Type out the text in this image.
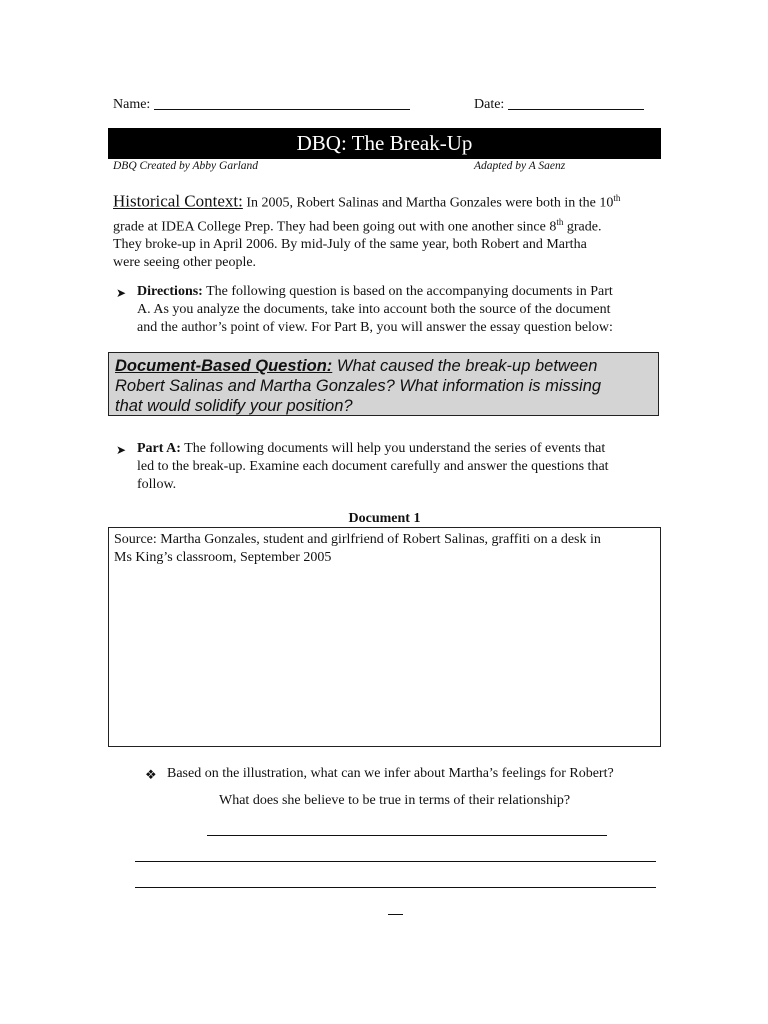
Name:	Date:
DBQ: The Break-Up
DBQ Created by Abby Garland	Adapted by A Saenz
Historical Context: In 2005, Robert Salinas and Martha Gonzales were both in the 10th
grade at IDEA College Prep. They had been going out with one another since 8th grade.
They broke-up in April 2006. By mid-July of the same year, both Robert and Martha
were seeing other people.
➤ Directions: The following question is based on the accompanying documents in Part
A. As you analyze the documents, take into account both the source of the document
and the author’s point of view. For Part B, you will answer the essay question below:
Document-Based Question: What caused the break-up between
Robert Salinas and Martha Gonzales? What information is missing
that would solidify your position?
➤ Part A: The following documents will help you understand the series of events that
led to the break-up. Examine each document carefully and answer the questions that
follow.
Document 1
Source: Martha Gonzales, student and girlfriend of Robert Salinas, graffiti on a desk in
Ms King’s classroom, September 2005
❖ Based on the illustration, what can we infer about Martha’s feelings for Robert?
What does she believe to be true in terms of their relationship?
